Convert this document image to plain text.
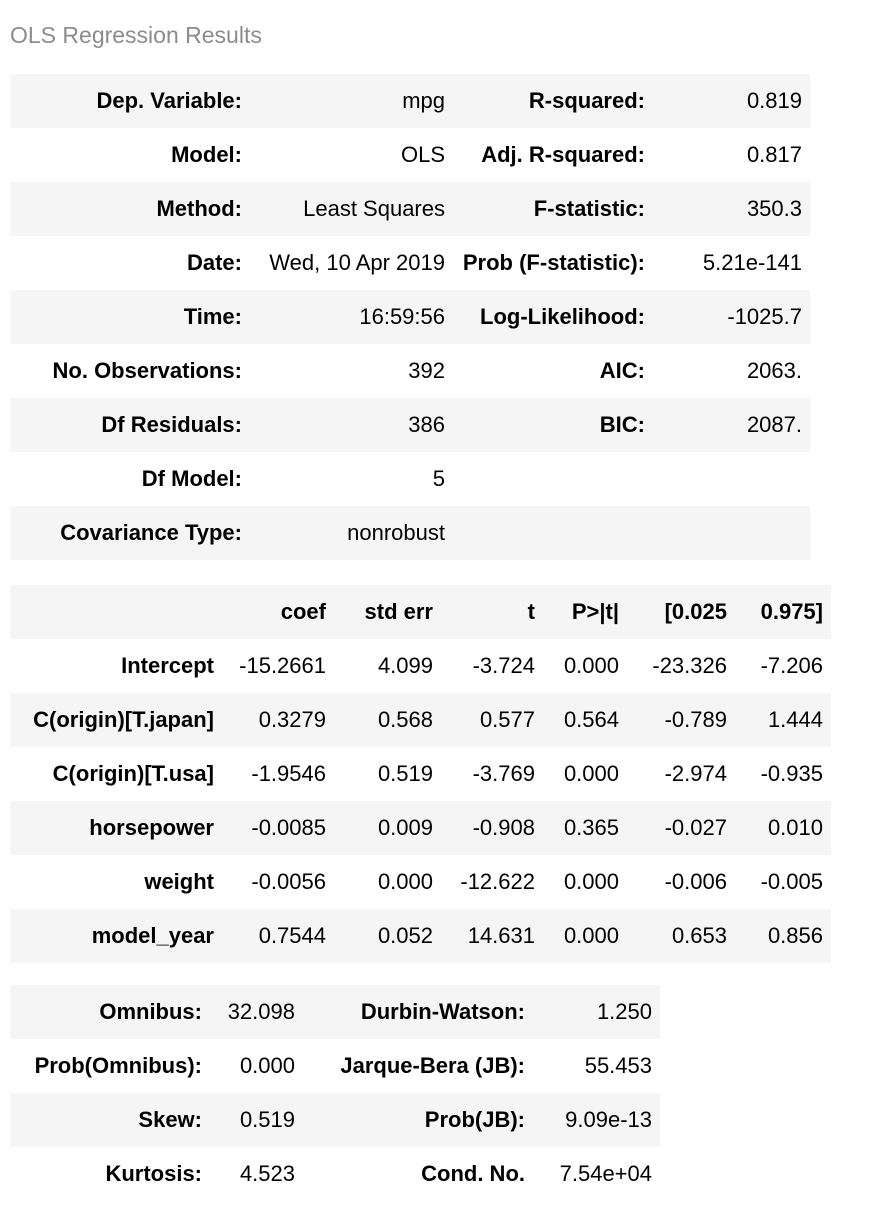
OLS Regression Results
Dep. Variable:	mpg	R-squared:	0.819
Model:	OLS	Adj. R-squared:	0.817
Method:	Least Squares	F-statistic:	350.3
Date:	Wed, 10 Apr 2019	Prob (F-statistic):	5.21e-141
Time:	16:59:56	Log-Likelihood:	-1025.7
No. Observations:	392	AIC:	2063.
Df Residuals:	386	BIC:	2087.
Df Model:	5		
Covariance Type:	nonrobust		
	coef	std err	t	P>|t|	[0.025	0.975]
Intercept	-15.2661	4.099	-3.724	0.000	-23.326	-7.206
C(origin)[T.japan]	0.3279	0.568	0.577	0.564	-0.789	1.444
C(origin)[T.usa]	-1.9546	0.519	-3.769	0.000	-2.974	-0.935
horsepower	-0.0085	0.009	-0.908	0.365	-0.027	0.010
weight	-0.0056	0.000	-12.622	0.000	-0.006	-0.005
model_year	0.7544	0.052	14.631	0.000	0.653	0.856
Omnibus:	32.098	Durbin-Watson:	1.250
Prob(Omnibus):	0.000	Jarque-Bera (JB):	55.453
Skew:	0.519	Prob(JB):	9.09e-13
Kurtosis:	4.523	Cond. No.	7.54e+04
